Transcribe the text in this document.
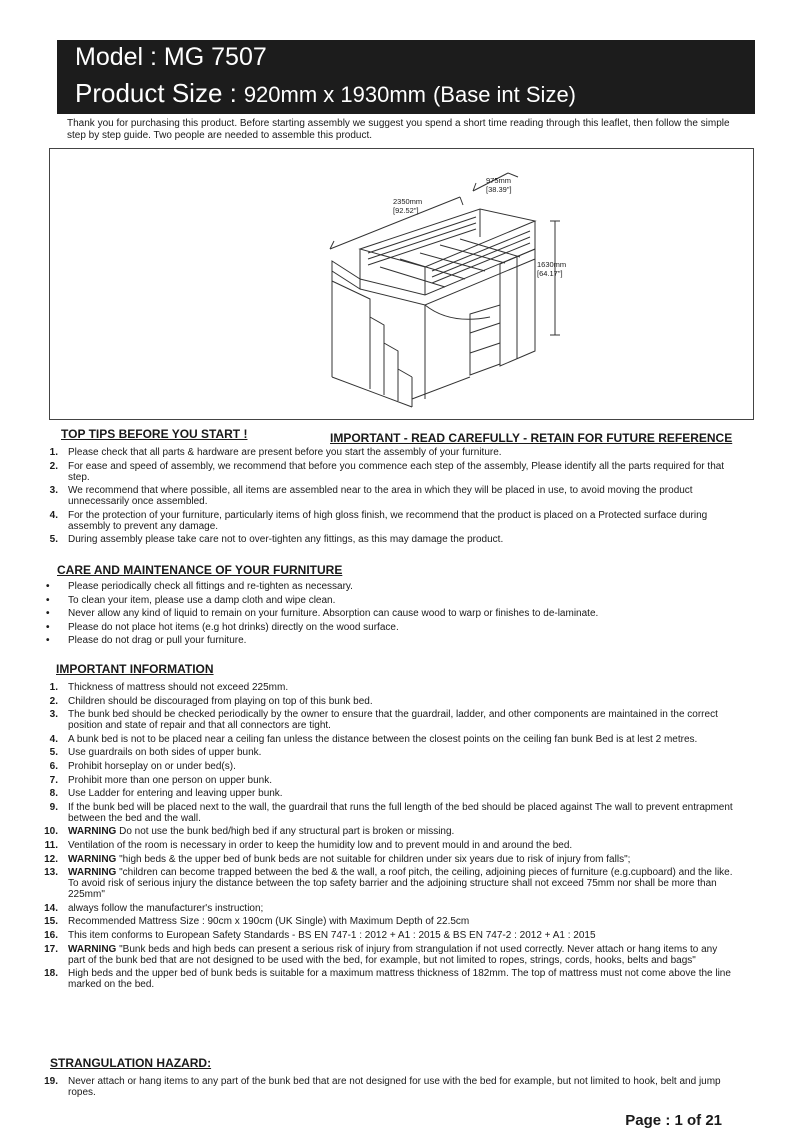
Model : MG 7507
Product Size : 920mm x 1930mm (Base int Size)
Thank you for purchasing this product. Before starting assembly we suggest you spend a short time reading through this leaflet, then follow the simple step by step guide. Two people are needed to assemble this product.
975mm
[38.39"]
2350mm
[92.52"]
1630mm
[64.17"]
TOP TIPS BEFORE YOU START !	IMPORTANT - READ CAREFULLY - RETAIN FOR FUTURE REFERENCE
1. Please check that all parts & hardware are present before you start the assembly of your furniture.
2. For ease and speed of assembly, we recommend that before you commence each step of the assembly, Please identify all the parts required for that step.
3. We recommend that where possible, all items are assembled near to the area in which they will be placed in use, to avoid moving the product unnecessarily once assembled.
4. For the protection of your furniture, particularly items of high gloss finish, we recommend that the product is placed on a Protected surface during assembly to prevent any damage.
5. During assembly please take care not to over-tighten any fittings, as this may damage the product.
CARE AND MAINTENANCE OF YOUR FURNITURE
• Please periodically check all fittings and re-tighten as necessary.
• To clean your item, please use a damp cloth and wipe clean.
• Never allow any kind of liquid to remain on your furniture. Absorption can cause wood to warp or finishes to de-laminate.
• Please do not place hot items (e.g hot drinks) directly on the wood surface.
• Please do not drag or pull your furniture.
IMPORTANT INFORMATION
1. Thickness of mattress should not exceed 225mm.
2. Children should be discouraged from playing on top of this bunk bed.
3. The bunk bed should be checked periodically by the owner to ensure that the guardrail, ladder, and other components are maintained in the correct position and state of repair and that all connectors are tight.
4. A bunk bed is not to be placed near a ceiling fan unless the distance between the closest points on the ceiling fan bunk Bed is at lest 2 metres.
5. Use guardrails on both sides of upper bunk.
6. Prohibit horseplay on or under bed(s).
7. Prohibit more than one person on upper bunk.
8. Use Ladder for entering and leaving upper bunk.
9. If the bunk bed will be placed next to the wall, the guardrail that runs the full length of the bed should be placed against The wall to prevent entrapment between the bed and the wall.
10. WARNING Do not use the bunk bed/high bed if any structural part is broken or missing.
11. Ventilation of the room is necessary in order to keep the humidity low and to prevent mould in and around the bed.
12. WARNING "high beds & the upper bed of bunk beds are not suitable for children under six years due to risk of injury from falls";
13. WARNING "children can become trapped between the bed & the wall, a roof pitch, the ceiling, adjoining pieces of furniture (e.g.cupboard) and the like. To avoid risk of serious injury the distance between the top safety barrier and the adjoining structure shall not exceed 75mm nor shall be more than 225mm"
14. always follow the manufacturer's instruction;
15. Recommended Mattress Size : 90cm x 190cm (UK Single) with Maximum Depth of 22.5cm
16. This item conforms to European Safety Standards - BS EN 747-1 : 2012 + A1 : 2015 & BS EN 747-2 : 2012 + A1 : 2015
17. WARNING "Bunk beds and high beds can present a serious risk of injury from strangulation if not used correctly. Never attach or hang items to any part of the bunk bed that are not designed to be used with the bed, for example, but not limited to ropes, strings, cords, hooks, belts and bags"
18. High beds and the upper bed of bunk beds is suitable for a maximum mattress thickness of 182mm. The top of mattress must not come above the line marked on the bed.
STRANGULATION HAZARD:
19. Never attach or hang items to any part of the bunk bed that are not designed for use with the bed for example, but not limited to hook, belt and jump ropes.
Page : 1 of 21
